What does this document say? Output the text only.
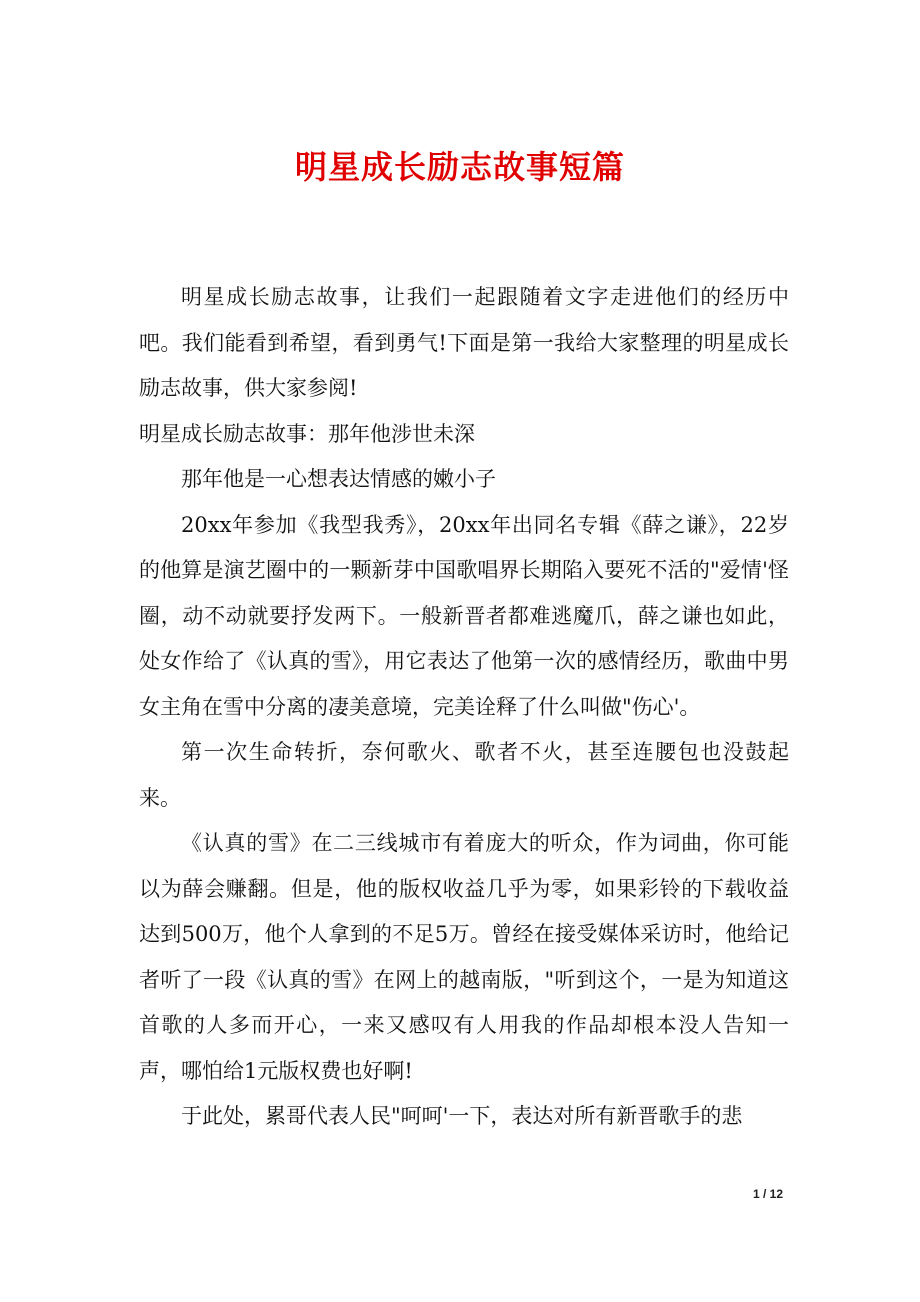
明星成长励志故事短篇

明星成长励志故事，让我们一起跟随着文字走进他们的经历中吧。我们能看到希望，看到勇气!下面是第一我给大家整理的明星成长励志故事，供大家参阅!

明星成长励志故事：那年他涉世未深

那年他是一心想表达情感的嫩小子

20xx年参加《我型我秀》，20xx年出同名专辑《薛之谦》，22岁的他算是演艺圈中的一颗新芽中国歌唱界长期陷入要死不活的"爱情'怪圈，动不动就要抒发两下。一般新晋者都难逃魔爪，薛之谦也如此，处女作给了《认真的雪》，用它表达了他第一次的感情经历，歌曲中男女主角在雪中分离的凄美意境，完美诠释了什么叫做"伤心'。

第一次生命转折，奈何歌火、歌者不火，甚至连腰包也没鼓起来。

《认真的雪》在二三线城市有着庞大的听众，作为词曲，你可能以为薛会赚翻。但是，他的版权收益几乎为零，如果彩铃的下载收益达到500万，他个人拿到的不足5万。曾经在接受媒体采访时，他给记者听了一段《认真的雪》在网上的越南版，"听到这个，一是为知道这首歌的人多而开心，一来又感叹有人用我的作品却根本没人告知一声，哪怕给1元版权费也好啊!

于此处，累哥代表人民"呵呵'一下，表达对所有新晋歌手的悲

1 / 12
